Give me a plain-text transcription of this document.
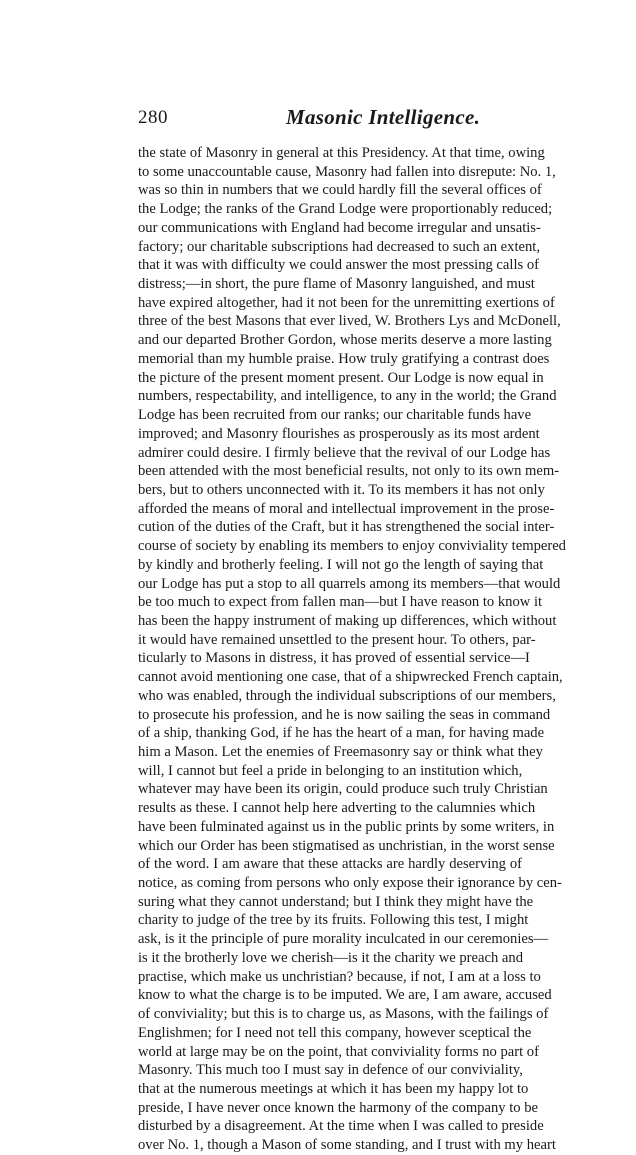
280	Masonic Intelligence.
the state of Masonry in general at this Presidency. At that time, owing
to some unaccountable cause, Masonry had fallen into disrepute: No. 1,
was so thin in numbers that we could hardly fill the several offices of
the Lodge; the ranks of the Grand Lodge were proportionably reduced;
our communications with England had become irregular and unsatis-
factory; our charitable subscriptions had decreased to such an extent,
that it was with difficulty we could answer the most pressing calls of
distress;—in short, the pure flame of Masonry languished, and must
have expired altogether, had it not been for the unremitting exertions of
three of the best Masons that ever lived, W. Brothers Lys and McDonell,
and our departed Brother Gordon, whose merits deserve a more lasting
memorial than my humble praise. How truly gratifying a contrast does
the picture of the present moment present. Our Lodge is now equal in
numbers, respectability, and intelligence, to any in the world; the Grand
Lodge has been recruited from our ranks; our charitable funds have
improved; and Masonry flourishes as prosperously as its most ardent
admirer could desire. I firmly believe that the revival of our Lodge has
been attended with the most beneficial results, not only to its own mem-
bers, but to others unconnected with it. To its members it has not only
afforded the means of moral and intellectual improvement in the prose-
cution of the duties of the Craft, but it has strengthened the social inter-
course of society by enabling its members to enjoy conviviality tempered
by kindly and brotherly feeling. I will not go the length of saying that
our Lodge has put a stop to all quarrels among its members—that would
be too much to expect from fallen man—but I have reason to know it
has been the happy instrument of making up differences, which without
it would have remained unsettled to the present hour. To others, par-
ticularly to Masons in distress, it has proved of essential service—I
cannot avoid mentioning one case, that of a shipwrecked French captain,
who was enabled, through the individual subscriptions of our members,
to prosecute his profession, and he is now sailing the seas in command
of a ship, thanking God, if he has the heart of a man, for having made
him a Mason. Let the enemies of Freemasonry say or think what they
will, I cannot but feel a pride in belonging to an institution which,
whatever may have been its origin, could produce such truly Christian
results as these. I cannot help here adverting to the calumnies which
have been fulminated against us in the public prints by some writers, in
which our Order has been stigmatised as unchristian, in the worst sense
of the word. I am aware that these attacks are hardly deserving of
notice, as coming from persons who only expose their ignorance by cen-
suring what they cannot understand; but I think they might have the
charity to judge of the tree by its fruits. Following this test, I might
ask, is it the principle of pure morality inculcated in our ceremonies—
is it the brotherly love we cherish—is it the charity we preach and
practise, which make us unchristian? because, if not, I am at a loss to
know to what the charge is to be imputed. We are, I am aware, accused
of conviviality; but this is to charge us, as Masons, with the failings of
Englishmen; for I need not tell this company, however sceptical the
world at large may be on the point, that conviviality forms no part of
Masonry. This much too I must say in defence of our conviviality,
that at the numerous meetings at which it has been my happy lot to
preside, I have never once known the harmony of the company to be
disturbed by a disagreement. At the time when I was called to preside
over No. 1, though a Mason of some standing, and I trust with my heart
